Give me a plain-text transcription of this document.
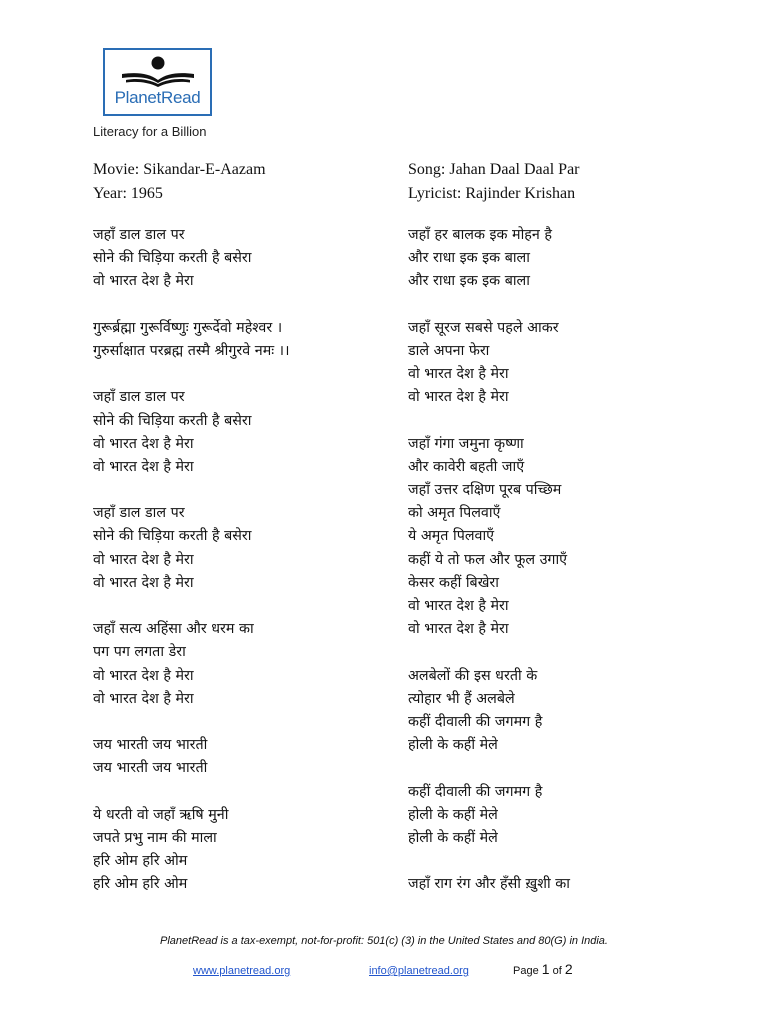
PlanetRead
Literacy for a Billion
Movie: Sikandar-E-Aazam
Year: 1965
Song: Jahan Daal Daal Par
Lyricist: Rajinder Krishan
जहाँ डाल डाल पर
सोने की चिड़िया करती है बसेरा
वो भारत देश है मेरा
गुरूर्ब्रह्मा गुरूर्विष्णुः गुरूर्देवो महेश्वर ।
गुरुर्साक्षात परब्रह्म तस्मै श्रीगुरवे नमः ।।
जहाँ डाल डाल पर
सोने की चिड़िया करती है बसेरा
वो भारत देश है मेरा
वो भारत देश है मेरा
जहाँ डाल डाल पर
सोने की चिड़िया करती है बसेरा
वो भारत देश है मेरा
वो भारत देश है मेरा
जहाँ सत्य अहिंसा और धरम का
पग पग लगता डेरा
वो भारत देश है मेरा
वो भारत देश है मेरा
जय भारती जय भारती
जय भारती जय भारती
ये धरती वो जहाँ ऋषि मुनी
जपते प्रभु नाम की माला
हरि ओम हरि ओम
हरि ओम हरि ओम
जहाँ हर बालक इक मोहन है
और राधा इक इक बाला
और राधा इक इक बाला
जहाँ सूरज सबसे पहले आकर
डाले अपना फेरा
वो भारत देश है मेरा
वो भारत देश है मेरा
जहाँ गंगा जमुना कृष्णा
और कावेरी बहती जाएँ
जहाँ उत्तर दक्षिण पूरब पच्छिम
को अमृत पिलवाएँ
ये अमृत पिलवाएँ
कहीं ये तो फल और फूल उगाएँ
केसर कहीं बिखेरा
वो भारत देश है मेरा
वो भारत देश है मेरा
अलबेलों की इस धरती के
त्योहार भी हैं अलबेले
कहीं दीवाली की जगमग है
होली के कहीं मेले
कहीं दीवाली की जगमग है
होली के कहीं मेले
होली के कहीं मेले
जहाँ राग रंग और हँसी ख़ुशी का
PlanetRead is a tax-exempt, not-for-profit: 501(c) (3) in the United States and 80(G) in India.
www.planetread.org	info@planetread.org	Page 1 of 2
